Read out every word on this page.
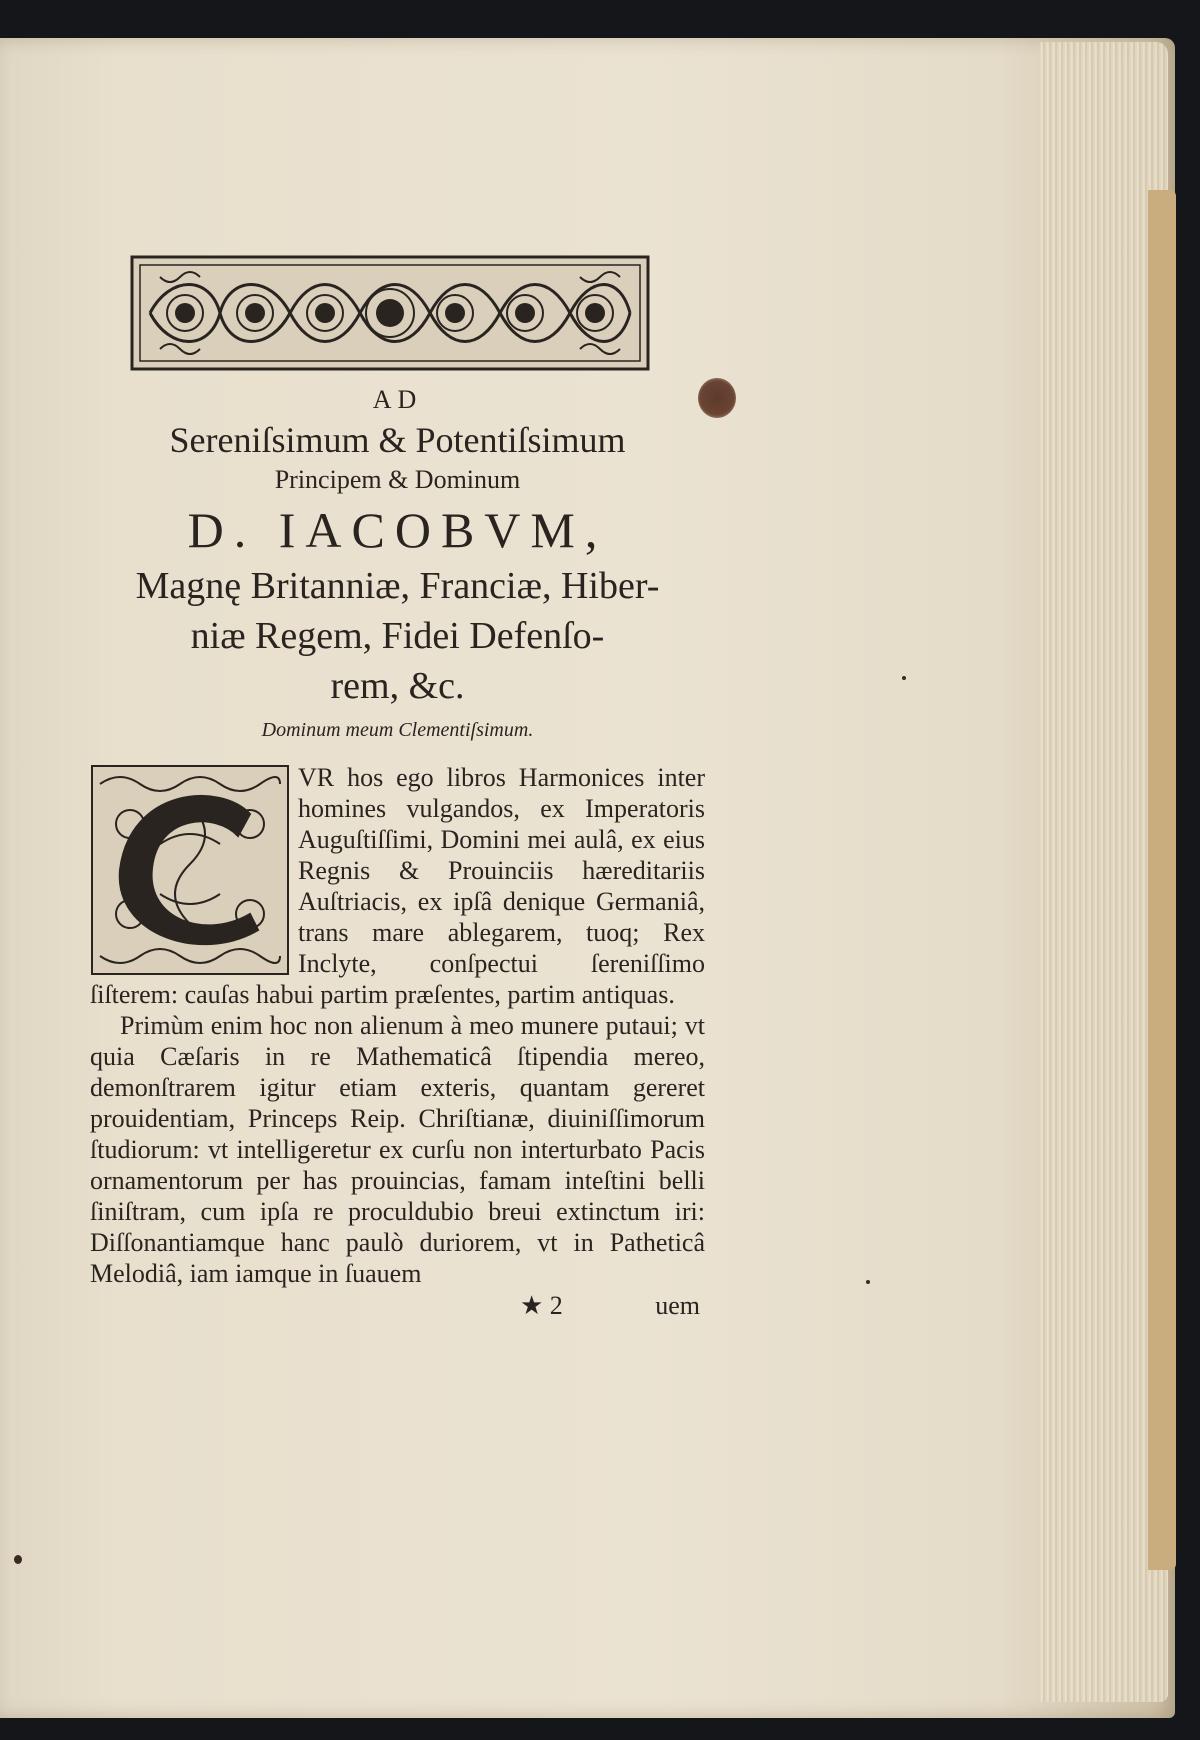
AD
Sereniſsimum & Potentiſsimum
Principem & Dominum
D. IACOBVM,
Magnę Britanniæ, Franciæ, Hiber-
niæ Regem, Fidei Defenſo-
rem, &c.
Dominum meum Clementiſsimum.

VR hos ego libros Harmonices inter homines vulgandos, ex Imperatoris Auguſtiſſimi, Domini mei aulâ, ex eius Regnis & Prouinciis hæreditariis Auſtriacis, ex ipſâ denique Germaniâ, trans mare ablegarem, tuoq; Rex Inclyte, conſpectui ſereniſſimo ſiſterem: cauſas habui partim præſentes, partim antiquas.

Primùm enim hoc non alienum à meo munere putaui; vt quia Cæſaris in re Mathematicâ ſtipendia mereo, demonſtrarem igitur etiam exteris, quantam gereret prouidentiam, Princeps Reip. Chriſtianæ, diuiniſſimorum ſtudiorum: vt intelligeretur ex curſu non interturbato Pacis ornamentorum per has prouincias, famam inteſtini belli ſiniſtram, cum ipſa re proculdubio breui extinctum iri: Diſſonantiamque hanc paulò duriorem, vt in Patheticâ Melodiâ, iam iamque in ſuauem

★ 2	uem
